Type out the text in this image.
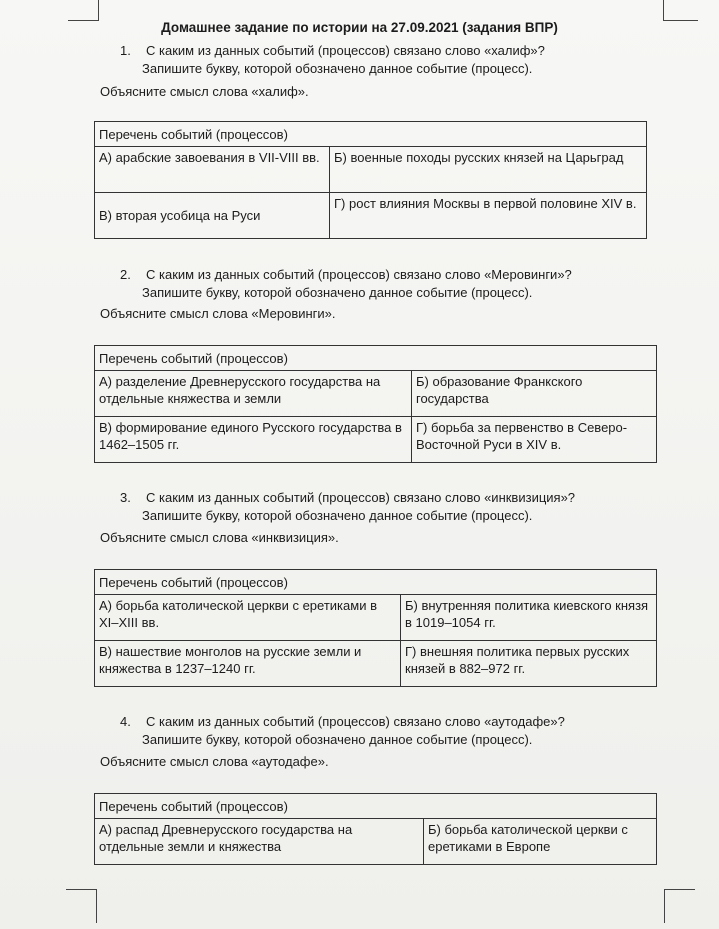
Домашнее задание по истории на 27.09.2021 (задания ВПР)
1. С каким из данных событий (процессов) связано слово «халиф»?
Запишите букву, которой обозначено данное событие (процесс).
Объясните смысл слова «халиф».
Перечень событий (процессов)	
А) арабские завоевания в VII-VIII вв.	Б) военные походы русских князей на Царьград
В) вторая усобица на Руси	Г) рост влияния Москвы в первой половине XIV в.
2. С каким из данных событий (процессов) связано слово «Меровинги»?
Запишите букву, которой обозначено данное событие (процесс).
Объясните смысл слова «Меровинги».
Перечень событий (процессов)	
А) разделение Древнерусского государства на отдельные княжества и земли	Б) образование Франкского государства
В) формирование единого Русского государства в 1462–1505 гг.	Г) борьба за первенство в Северо-Восточной Руси в XIV в.
3. С каким из данных событий (процессов) связано слово «инквизиция»?
Запишите букву, которой обозначено данное событие (процесс).
Объясните смысл слова «инквизиция».
Перечень событий (процессов)	
А) борьба католической церкви с еретиками в XI–XIII вв.	Б) внутренняя политика киевского князя в 1019–1054 гг.
В) нашествие монголов на русские земли и княжества в 1237–1240 гг.	Г) внешняя политика первых русских князей в 882–972 гг.
4. С каким из данных событий (процессов) связано слово «аутодафе»?
Запишите букву, которой обозначено данное событие (процесс).
Объясните смысл слова «аутодафе».
Перечень событий (процессов)
А) распад Древнерусского государства на отдельные земли и княжества	Б) борьба католической церкви с еретиками в Европе
